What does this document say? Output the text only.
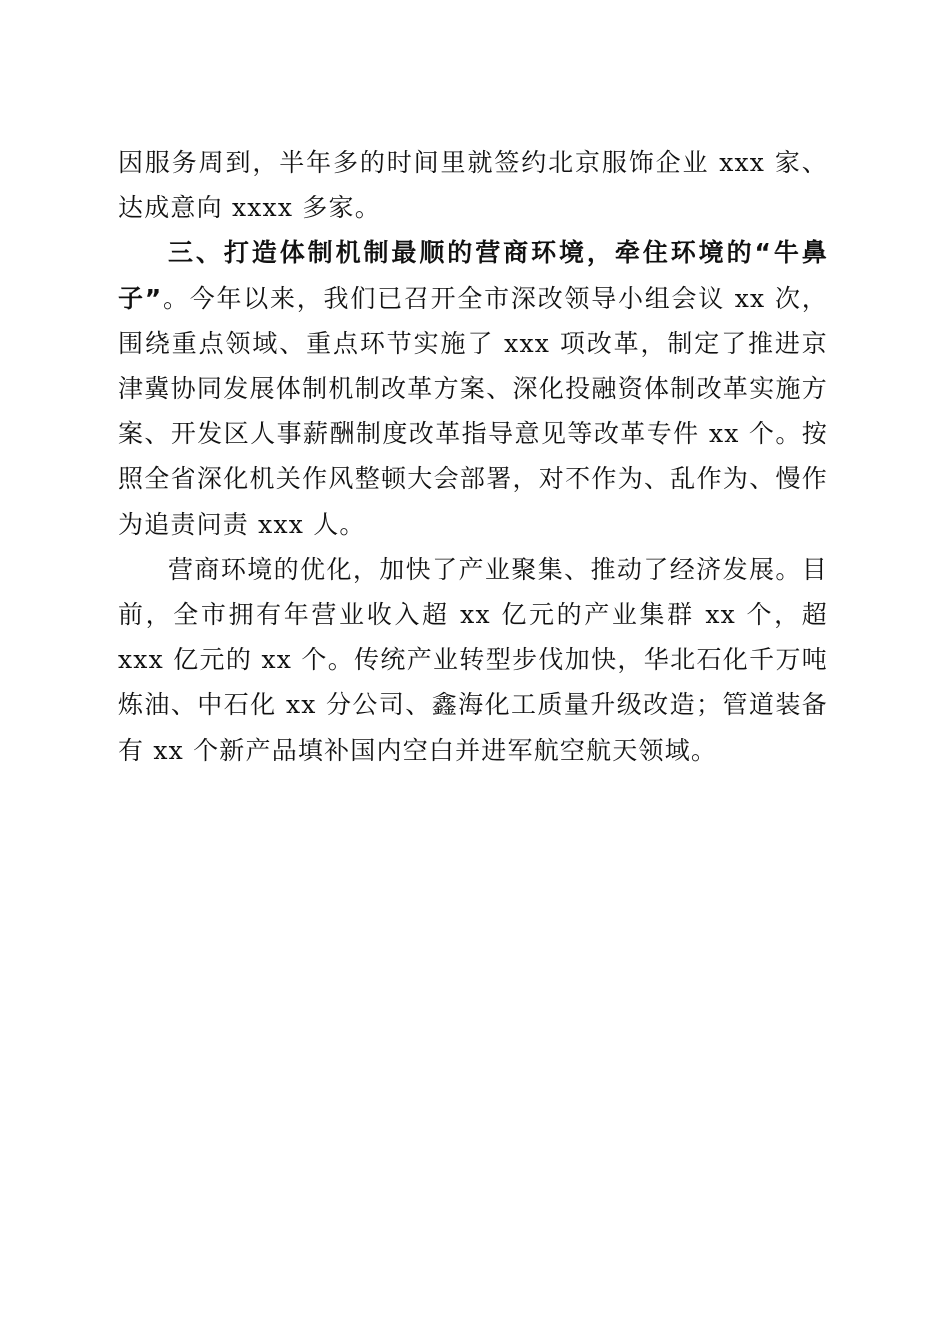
因服务周到，半年多的时间里就签约北京服饰企业 xxx 家、达成意向 xxxx 多家。

三、打造体制机制最顺的营商环境，牵住环境的“牛鼻子”。今年以来，我们已召开全市深改领导小组会议 xx 次，围绕重点领域、重点环节实施了 xxx 项改革，制定了推进京津冀协同发展体制机制改革方案、深化投融资体制改革实施方案、开发区人事薪酬制度改革指导意见等改革专件 xx 个。按照全省深化机关作风整顿大会部署，对不作为、乱作为、慢作为追责问责 xxx 人。

营商环境的优化，加快了产业聚集、推动了经济发展。目前，全市拥有年营业收入超 xx 亿元的产业集群 xx 个，超 xxx 亿元的 xx 个。传统产业转型步伐加快，华北石化千万吨炼油、中石化 xx 分公司、鑫海化工质量升级改造；管道装备有 xx 个新产品填补国内空白并进军航空航天领域。
